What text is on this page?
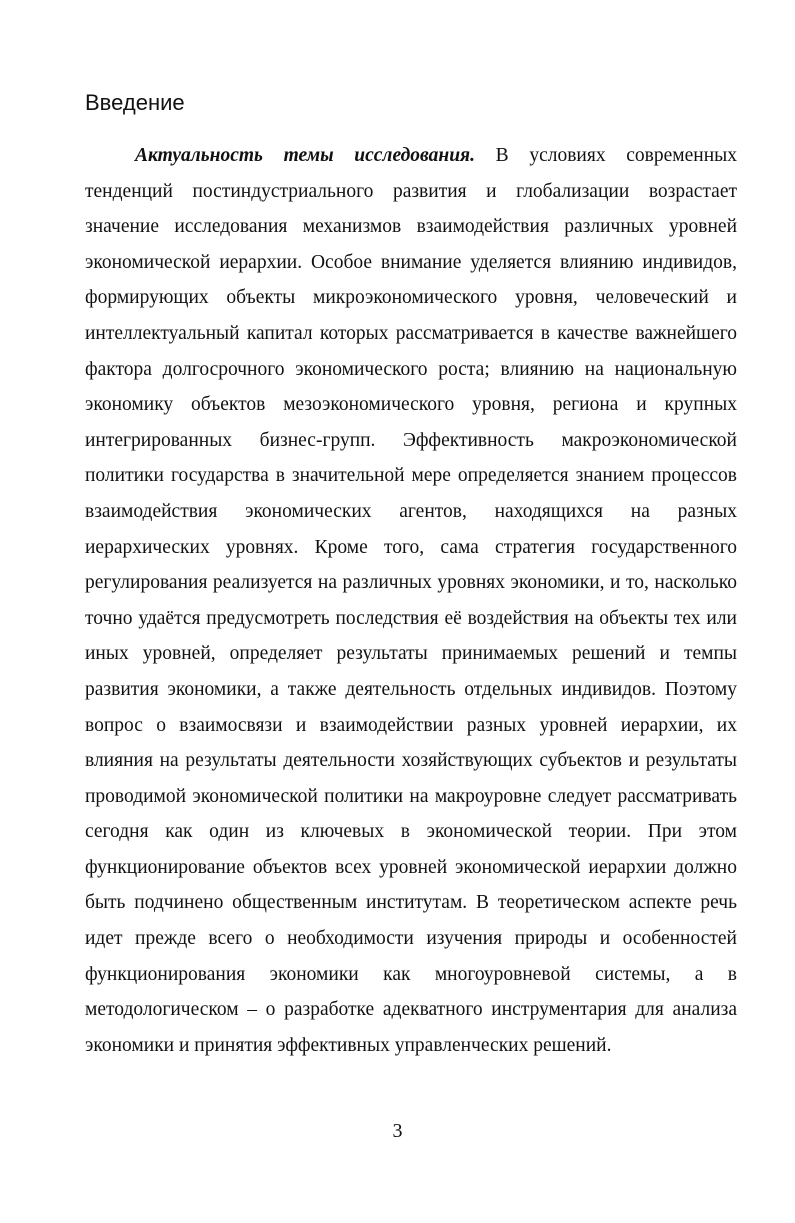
Введение

Актуальность темы исследования. В условиях современных тенденций постиндустриального развития и глобализации возрастает значение исследования механизмов взаимодействия различных уровней экономической иерархии. Особое внимание уделяется влиянию индивидов, формирующих объекты микроэкономического уровня, человеческий и интеллектуальный капитал которых рассматривается в качестве важнейшего фактора долгосрочного экономического роста; влиянию на национальную экономику объектов мезоэкономического уровня, региона и крупных интегрированных бизнес-групп. Эффективность макроэкономической политики государства в значительной мере определяется знанием процессов взаимодействия экономических агентов, находящихся на разных иерархических уровнях. Кроме того, сама стратегия государственного регулирования реализуется на различных уровнях экономики, и то, насколько точно удаётся предусмотреть последствия её воздействия на объекты тех или иных уровней, определяет результаты принимаемых решений и темпы развития экономики, а также деятельность отдельных индивидов. Поэтому вопрос о взаимосвязи и взаимодействии разных уровней иерархии, их влияния на результаты деятельности хозяйствующих субъектов и результаты проводимой экономической политики на макроуровне следует рассматривать сегодня как один из ключевых в экономической теории. При этом функционирование объектов всех уровней экономической иерархии должно быть подчинено общественным институтам. В теоретическом аспекте речь идет прежде всего о необходимости изучения природы и особенностей функционирования экономики как многоуровневой системы, а в методологическом – о разработке адекватного инструментария для анализа экономики и принятия эффективных управленческих решений.

3
